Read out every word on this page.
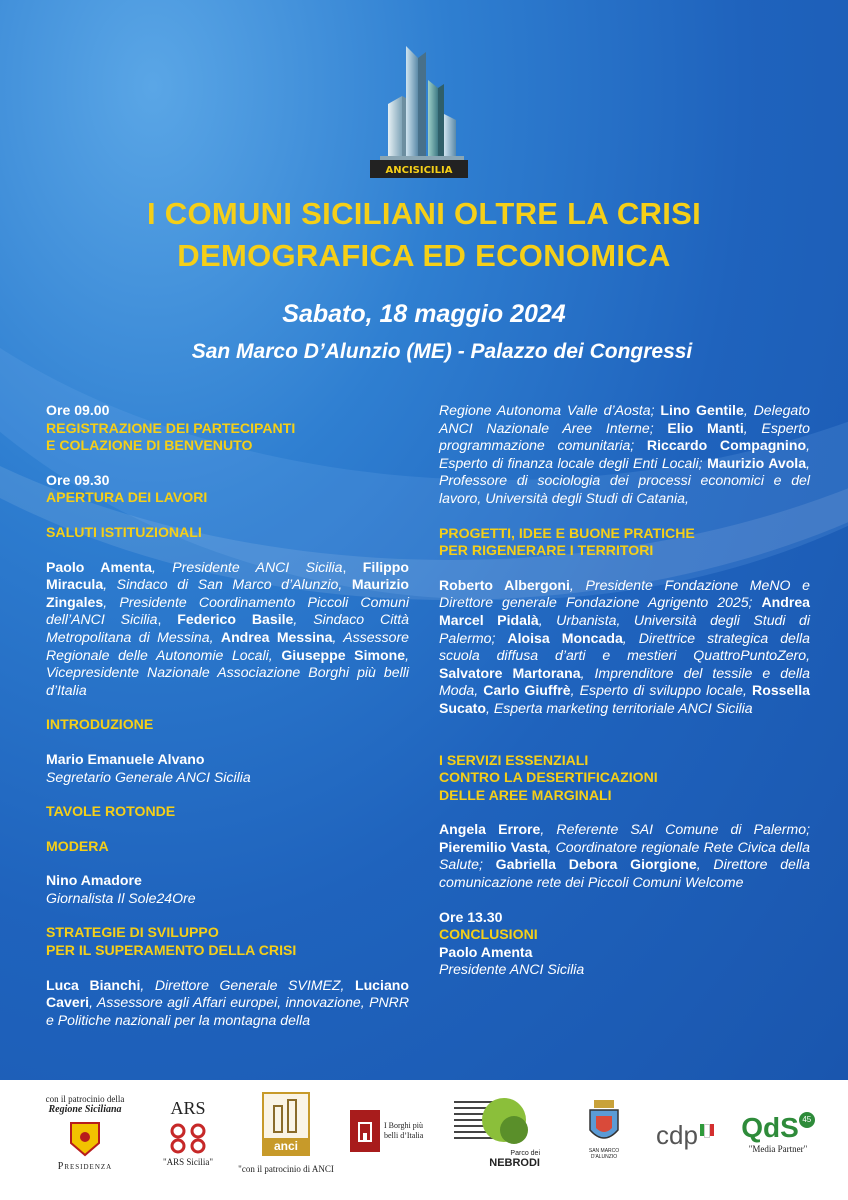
ANCISICILIA
I COMUNI SICILIANI OLTRE LA CRISI
DEMOGRAFICA ED ECONOMICA
Sabato, 18 maggio 2024
San Marco D’Alunzio (ME) - Palazzo dei Congressi

Ore 09.00

REGISTRAZIONE DEI PARTECIPANTI

E COLAZIONE DI BENVENUTO

Ore 09.30

APERTURA DEI LAVORI

SALUTI ISTITUZIONALI

Paolo Amenta, Presidente ANCI Sicilia, Filippo Miracula, Sindaco di San Marco d’Alunzio, Maurizio Zingales, Presidente Coordinamento Piccoli Comuni dell’ANCI Sicilia, Federico Basile, Sindaco Città Metropolitana di Messina, Andrea Messina, Assessore Regionale delle Autonomie Locali, Giuseppe Simone, Vicepresidente Nazionale Associazione Borghi più belli d’Italia

INTRODUZIONE

Mario Emanuele Alvano

Segretario Generale ANCI Sicilia

TAVOLE ROTONDE

MODERA

Nino Amadore

Giornalista Il Sole24Ore

STRATEGIE DI SVILUPPO

PER IL SUPERAMENTO DELLA CRISI

Luca Bianchi, Direttore Generale SVIMEZ, Luciano Caveri, Assessore agli Affari europei, innovazione, PNRR e Politiche nazionali per la montagna della

Regione Autonoma Valle d’Aosta; Lino Gentile, Delegato ANCI Nazionale Aree Interne; Elio Manti, Esperto programmazione comunitaria; Riccardo Compagnino, Esperto di finanza locale degli Enti Locali; Maurizio Avola, Professore di sociologia dei processi economici e del lavoro, Università degli Studi di Catania,

PROGETTI, IDEE E BUONE PRATICHE

PER RIGENERARE I TERRITORI

Roberto Albergoni, Presidente Fondazione MeNO e Direttore generale Fondazione Agrigento 2025; Andrea Marcel Pidalà, Urbanista, Università degli Studi di Palermo; Aloisa Moncada, Direttrice strategica della scuola diffusa d’arti e mestieri QuattroPuntoZero, Salvatore Martorana, Imprenditore del tessile e della Moda, Carlo Giuffrè, Esperto di sviluppo locale, Rossella Sucato, Esperta marketing territoriale ANCI Sicilia

I SERVIZI ESSENZIALI

CONTRO LA DESERTIFICAZIONI

DELLE AREE MARGINALI

Angela Errore, Referente SAI Comune di Palermo; Pieremilio Vasta, Coordinatore regionale Rete Civica della Salute; Gabriella Debora Giorgione, Direttore della comunicazione rete dei Piccoli Comuni Welcome

Ore 13.30

CONCLUSIONI

Paolo Amenta

Presidente ANCI Sicilia

con il patrocinio della
Regione Siciliana
Presidenza
ARS
"ARS Sicilia"
anci
"con il patrocinio di ANCI
I Borghi più belli d’Italia
Parco dei
NEBRODI
SAN MARCO D'ALUNZIO
cdp	QdS 45
"Media Partner"
